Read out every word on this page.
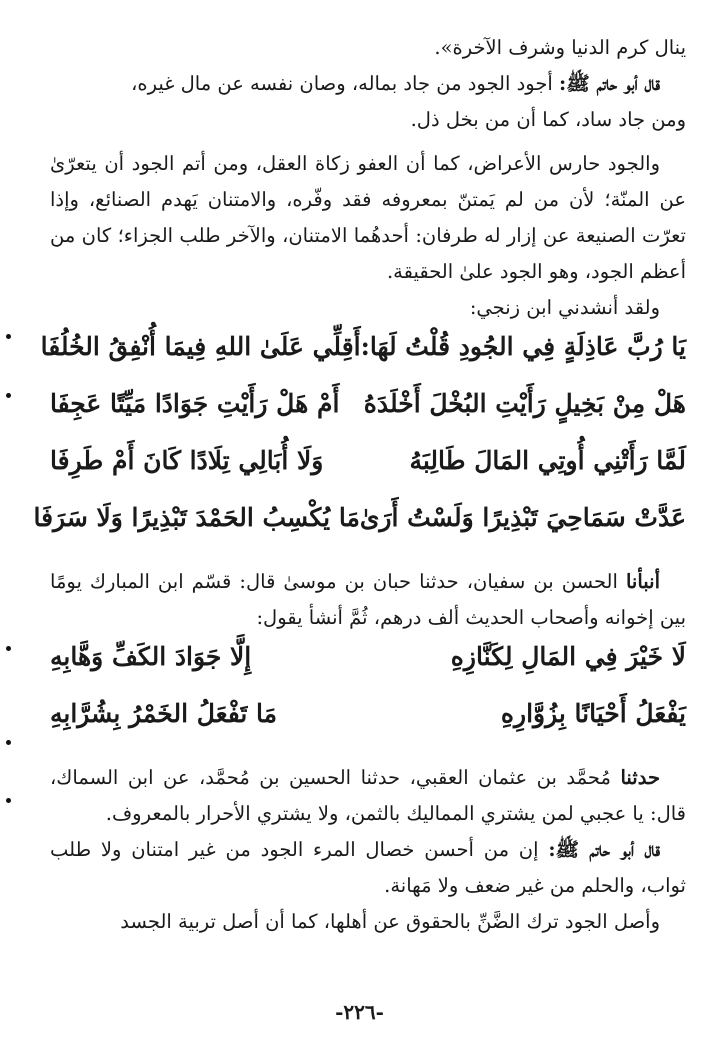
ينال كرم الدنيا وشرف الآخرة».

قال أبو حاتم ﷺ: أجود الجود من جاد بماله، وصان نفسه عن مال غيره،

ومن جاد ساد، كما أن من بخل ذل.

والجود حارس الأعراض، كما أن العفو زكاة العقل، ومن أتم الجود أن يتعرّىٰ عن المنّة؛ لأن من لم يَمتنّ بمعروفه فقد وفّره، والامتنان يَهدم الصنائع، وإذا تعرّت الصنيعة عن إزار له طرفان: أحدهُما الامتنان، والآخر طلب الجزاء؛ كان من أعظم الجود، وهو الجود علىٰ الحقيقة.

ولقد أنشدني ابن زنجي:

يَا رُبَّ عَاذِلَةٍ فِي الجُودِ قُلْتُ لَهَا:
أَقِلِّي عَلَىٰ اللهِ فِيمَا أُنْفِقُ الخُلُفَا
هَلْ مِنْ بَخِيلٍ رَأَيْتِ البُخْلَ أَخْلَدَهُ
أَمْ هَلْ رَأَيْتِ جَوَادًا مَيِّتًا عَجِفَا
لَمَّا رَأَتْنِي أُوتِي المَالَ طَالِبَهُ
وَلَا أُبَالِي تِلَادًا كَانَ أَمْ طَرِفَا
عَدَّتْ سَمَاحِيَ تَبْذِيرًا وَلَسْتُ أَرَىٰ
مَا يُكْسِبُ الحَمْدَ تَبْذِيرًا وَلَا سَرَفَا

أنبأنا الحسن بن سفيان، حدثنا حبان بن موسىٰ قال: قسّم ابن المبارك يومًا بين إخوانه وأصحاب الحديث ألف درهم، ثُمَّ أنشأ يقول:

لَا خَيْرَ فِي المَالِ لِكَنَّازِهِ
إِلَّا جَوَادَ الكَفِّ وَهَّابِهِ
يَفْعَلُ أَحْيَانًا بِزُوَّارِهِ
مَا تَفْعَلُ الخَمْرُ بِشُرَّابِهِ

حدثنا مُحمَّد بن عثمان العقبي، حدثنا الحسين بن مُحمَّد، عن ابن السماك، قال: يا عجبي لمن يشتري المماليك بالثمن، ولا يشتري الأحرار بالمعروف.

قال أبو حاتم ﷺ: إن من أحسن خصال المرء الجود من غير امتنان ولا طلب ثواب، والحلم من غير ضعف ولا مَهانة.

وأصل الجود ترك الضَّنِّ بالحقوق عن أهلها، كما أن أصل تربية الجسد

-٢٢٦-
